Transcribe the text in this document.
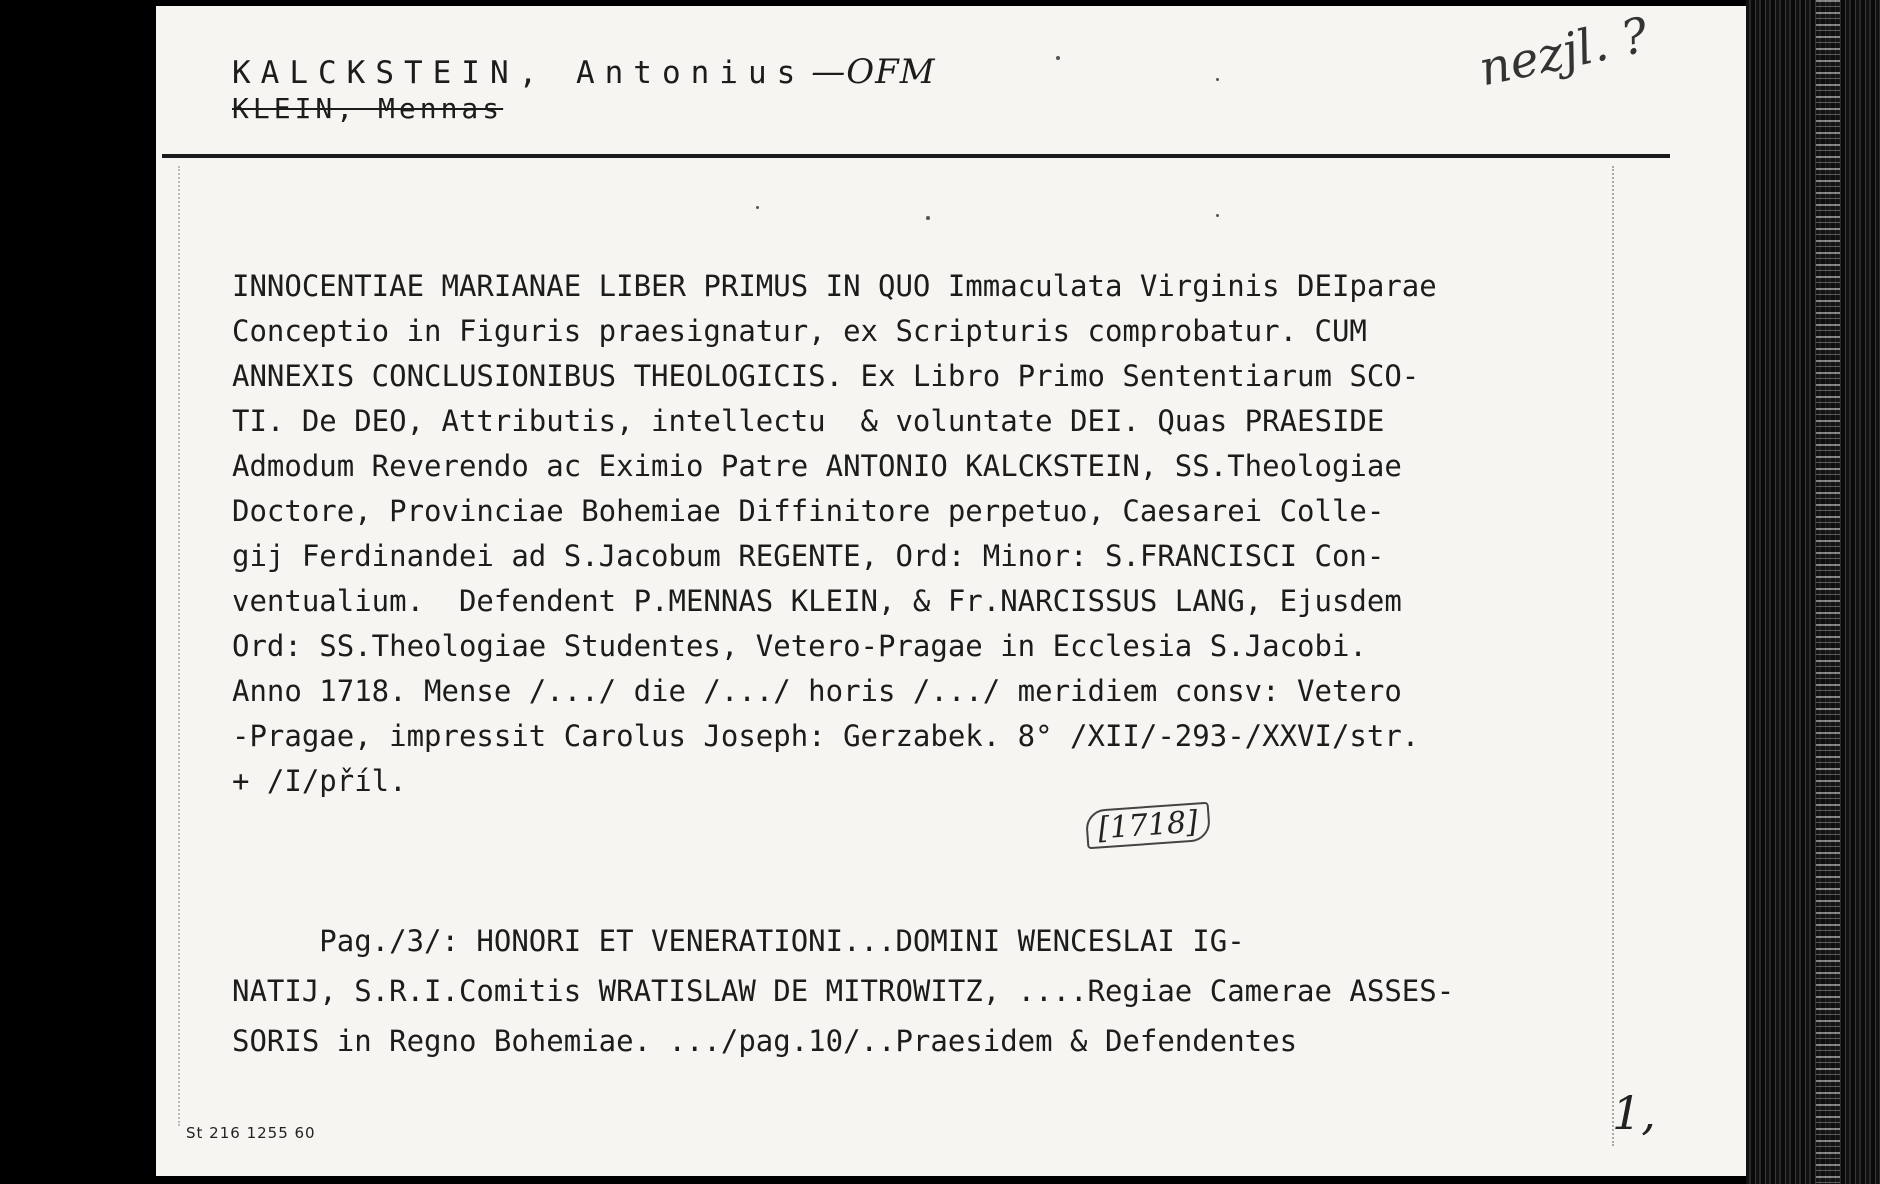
KALCKSTEIN, Antonius —OFM
KLEIN, Mennas
nezjl. ?
INNOCENTIAE MARIANAE LIBER PRIMUS IN QUO Immaculata Virginis DEIparae
Conceptio in Figuris praesignatur, ex Scripturis comprobatur. CUM
ANNEXIS CONCLUSIONIBUS THEOLOGICIS. Ex Libro Primo Sententiarum SCO-
TI. De DEO, Attributis, intellectu  & voluntate DEI. Quas PRAESIDE
Admodum Reverendo ac Eximio Patre ANTONIO KALCKSTEIN, SS.Theologiae
Doctore, Provinciae Bohemiae Diffinitore perpetuo, Caesarei Colle-
gij Ferdinandei ad S.Jacobum REGENTE, Ord: Minor: S.FRANCISCI Con-
ventualium.  Defendent P.MENNAS KLEIN, & Fr.NARCISSUS LANG, Ejusdem
Ord: SS.Theologiae Studentes, Vetero-Pragae in Ecclesia S.Jacobi.
Anno 1718. Mense /.../ die /.../ horis /.../ meridiem consv: Vetero
-Pragae, impressit Carolus Joseph: Gerzabek. 8° /XII/-293-/XXVI/str.
+ /I/příl.
[1718]
Pag./3/: HONORI ET VENERATIONI...DOMINI WENCESLAI IG-
NATIJ, S.R.I.Comitis WRATISLAW DE MITROWITZ, ....Regiae Camerae ASSES-
SORIS in Regno Bohemiae. .../pag.10/..Praesidem & Defendentes
St 216 1255 60	1,
